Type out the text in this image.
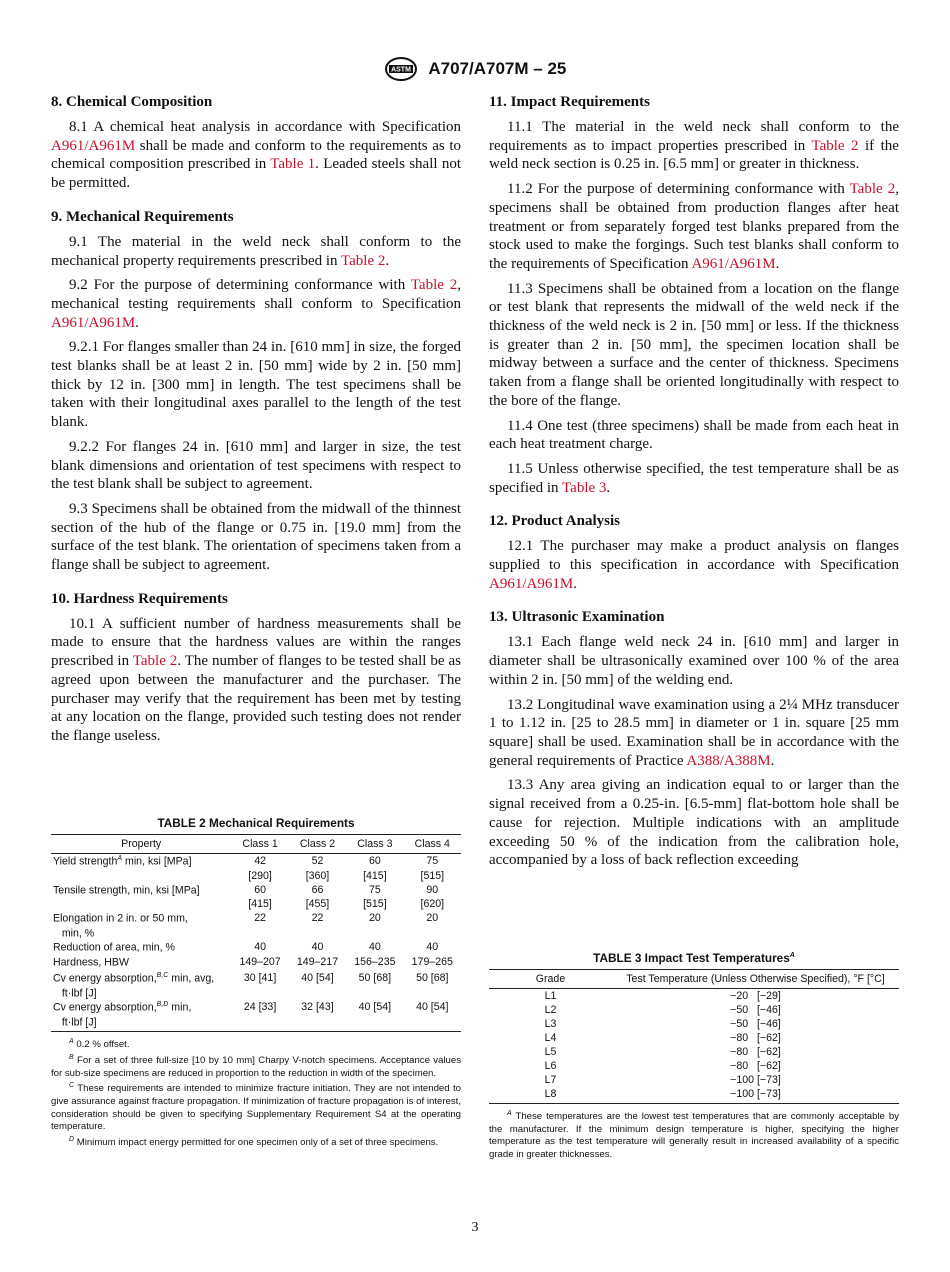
ASTM A707/A707M – 25
8. Chemical Composition

8.1 A chemical heat analysis in accordance with Specification A961/A961M shall be made and conform to the requirements as to chemical composition prescribed in Table 1. Leaded steels shall not be permitted.

9. Mechanical Requirements

9.1 The material in the weld neck shall conform to the mechanical property requirements prescribed in Table 2.

9.2 For the purpose of determining conformance with Table 2, mechanical testing requirements shall conform to Specification A961/A961M.

9.2.1 For flanges smaller than 24 in. [610 mm] in size, the forged test blanks shall be at least 2 in. [50 mm] wide by 2 in. [50 mm] thick by 12 in. [300 mm] in length. The test specimens shall be taken with their longitudinal axes parallel to the length of the test blank.

9.2.2 For flanges 24 in. [610 mm] and larger in size, the test blank dimensions and orientation of test specimens with respect to the test blank shall be subject to agreement.

9.3 Specimens shall be obtained from the midwall of the thinnest section of the hub of the flange or 0.75 in. [19.0 mm] from the surface of the test blank. The orientation of specimens taken from a flange shall be subject to agreement.

10. Hardness Requirements

10.1 A sufficient number of hardness measurements shall be made to ensure that the hardness values are within the ranges prescribed in Table 2. The number of flanges to be tested shall be as agreed upon between the manufacturer and the purchaser. The purchaser may verify that the requirement has been met by testing at any location on the flange, provided such testing does not render the flange useless.

11. Impact Requirements

11.1 The material in the weld neck shall conform to the requirements as to impact properties prescribed in Table 2 if the weld neck section is 0.25 in. [6.5 mm] or greater in thickness.

11.2 For the purpose of determining conformance with Table 2, specimens shall be obtained from production flanges after heat treatment or from separately forged test blanks prepared from the stock used to make the forgings. Such test blanks shall conform to the requirements of Specification A961/A961M.

11.3 Specimens shall be obtained from a location on the flange or test blank that represents the midwall of the weld neck if the thickness of the weld neck is 2 in. [50 mm] or less. If the thickness is greater than 2 in. [50 mm], the specimen location shall be midway between a surface and the center of thickness. Specimens taken from a flange shall be oriented longitudinally with respect to the bore of the flange.

11.4 One test (three specimens) shall be made from each heat in each heat treatment charge.

11.5 Unless otherwise specified, the test temperature shall be as specified in Table 3.

12. Product Analysis

12.1 The purchaser may make a product analysis on flanges supplied to this specification in accordance with Specification A961/A961M.

13. Ultrasonic Examination

13.1 Each flange weld neck 24 in. [610 mm] and larger in diameter shall be ultrasonically examined over 100 % of the area within 2 in. [50 mm] of the welding end.

13.2 Longitudinal wave examination using a 2¼ MHz transducer 1 to 1.12 in. [25 to 28.5 mm] in diameter or 1 in. square [25 mm square] shall be used. Examination shall be in accordance with the general requirements of Practice A388/A388M.

13.3 Any area giving an indication equal to or larger than the signal received from a 0.25-in. [6.5-mm] flat-bottom hole shall be cause for rejection. Multiple indications with an amplitude exceeding 50 % of the indication from the calibration hole, accompanied by a loss of back reflection exceeding

TABLE 2 Mechanical Requirements
Property	Class 1	Class 2	Class 3	Class 4
Yield strength$^A$ min, ksi [MPa]	42	52	60	75
	[290]	[360]	[415]	[515]
Tensile strength, min, ksi [MPa]	60	66	75	90
	[415]	[455]	[515]	[620]
Elongation in 2 in. or 50 mm,	22	22	20	20
min, %				
Reduction of area, min, %	40	40	40	40
Hardness, HBW	149–207	149–217	156–235	179–265

Cv energy absorption,$^{B,C}$ min, avg,	30 [41]	40 [54]	50 [68]	50 [68]
ft·lbf [J]				
Cv energy absorption,$^{B,D}$ min,	24 [33]	32 [43]	40 [54]	40 [54]
ft·lbf [J]				

$^A$ 0.2 % offset.

$^B$ For a set of three full-size [10 by 10 mm] Charpy V-notch specimens. Acceptance values for sub-size specimens are reduced in proportion to the reduction in width of the specimen.

$^C$ These requirements are intended to minimize fracture initiation. They are not intended to give assurance against fracture propagation. If minimization of fracture propagation is of interest, consideration should be given to specifying Supplementary Requirement S4 at the operating temperature.

$^D$ Minimum impact energy permitted for one specimen only of a set of three specimens.

TABLE 3 Impact Test Temperatures$^A$
Grade	Test Temperature (Unless Otherwise Specified), °F [°C]
L1	−20   [−29]
L2	−50   [−46]
L3	−50   [−46]
L4	−80   [−62]
L5	−80   [−62]
L6	−80   [−62]
L7	−100 [−73]
L8	−100 [−73]

$^A$ These temperatures are the lowest test temperatures that are commonly acceptable by the manufacturer. If the minimum design temperature is higher, specifying the higher temperature as the test temperature will generally result in increased availability of a specific grade in greater thicknesses.

3
